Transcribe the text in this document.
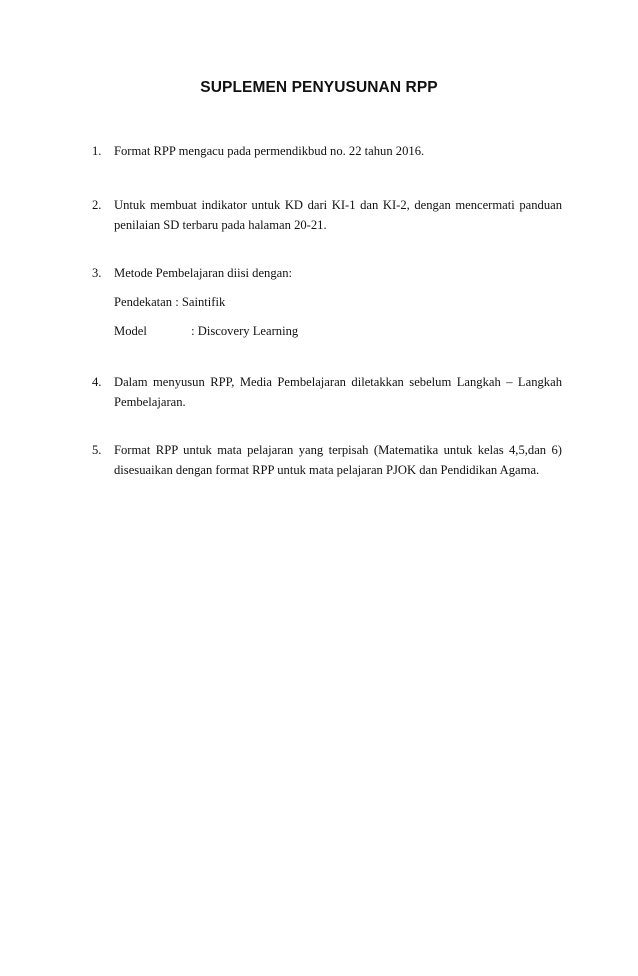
SUPLEMEN PENYUSUNAN RPP
1. Format RPP mengacu pada permendikbud no. 22 tahun 2016.
2. Untuk membuat indikator untuk KD dari KI-1 dan KI-2, dengan mencermati panduan
penilaian SD terbaru pada halaman 20-21.
3. Metode Pembelajaran diisi dengan:
Pendekatan : Saintifik
Model	: Discovery Learning
4. Dalam menyusun RPP, Media Pembelajaran diletakkan sebelum Langkah – Langkah
Pembelajaran.
5. Format RPP untuk mata pelajaran yang terpisah (Matematika untuk kelas 4,5,dan 6)
disesuaikan dengan format RPP untuk mata pelajaran PJOK dan Pendidikan Agama.
